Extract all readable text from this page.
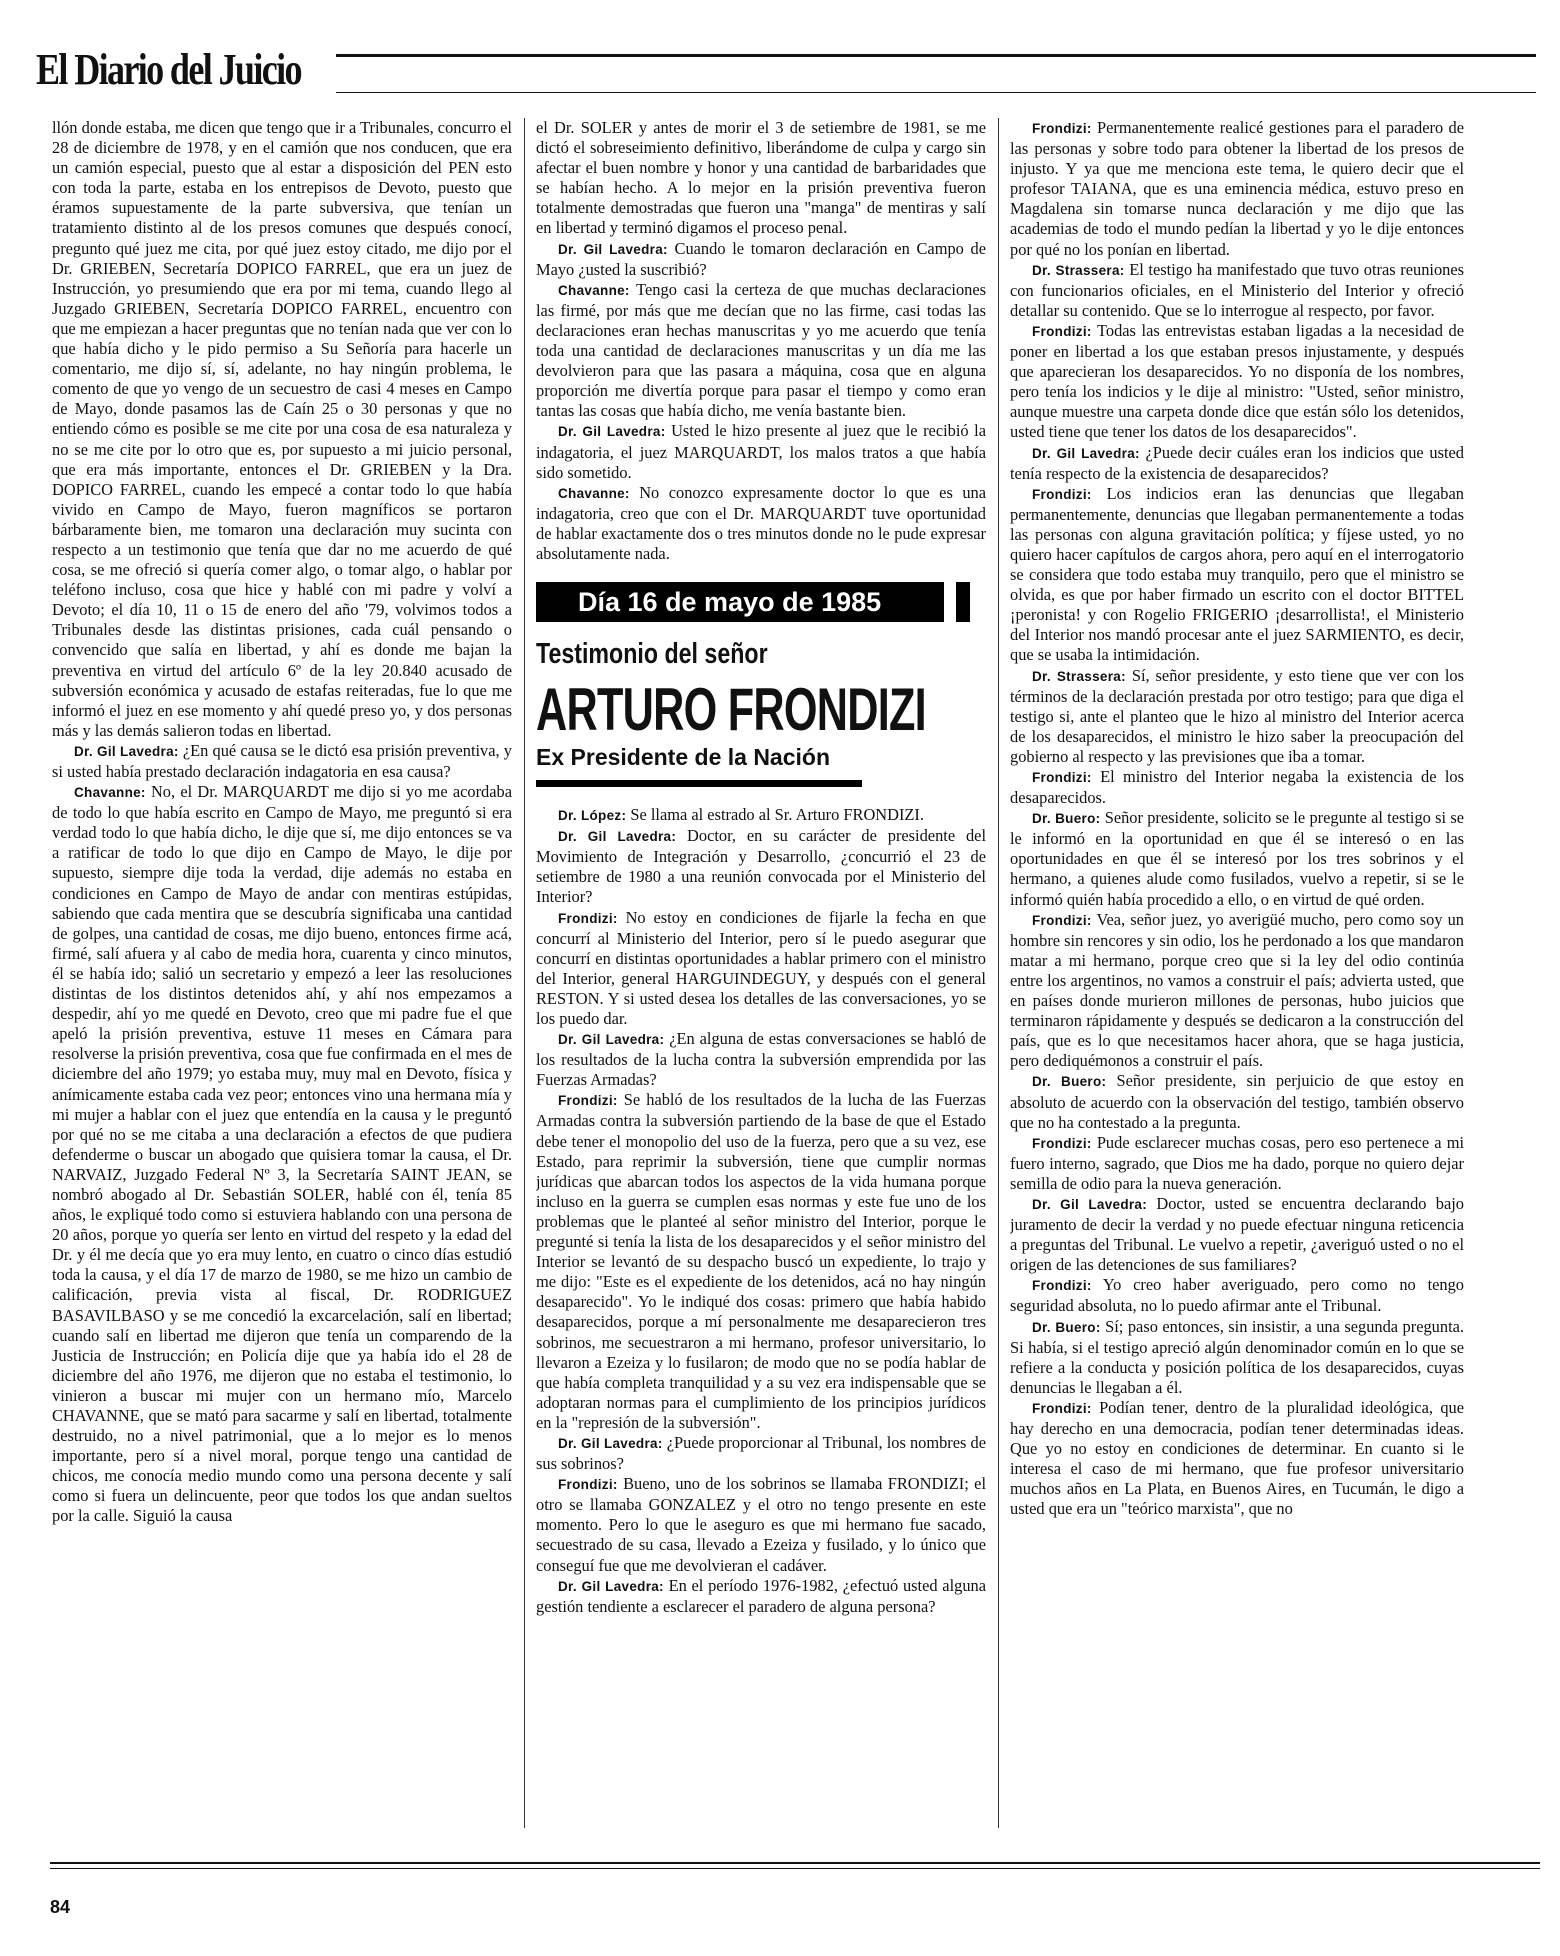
El Diario del Juicio

llón donde estaba, me dicen que tengo que ir a Tribunales, concurro el 28 de diciembre de 1978, y en el camión que nos conducen, que era un camión especial, puesto que al estar a disposición del PEN esto con toda la parte, estaba en los entrepisos de Devoto, puesto que éramos supuestamente de la parte subversiva, que tenían un tratamiento distinto al de los presos comunes que después conocí, pregunto qué juez me cita, por qué juez estoy citado, me dijo por el Dr. GRIEBEN, Secretaría DOPICO FARREL, que era un juez de Instrucción, yo presumiendo que era por mi tema, cuando llego al Juzgado GRIEBEN, Secretaría DOPICO FARREL, encuentro con que me empiezan a hacer preguntas que no tenían nada que ver con lo que había dicho y le pido permiso a Su Señoría para hacerle un comentario, me dijo sí, sí, adelante, no hay ningún problema, le comento de que yo vengo de un secuestro de casi 4 meses en Campo de Mayo, donde pasamos las de Caín 25 o 30 personas y que no entiendo cómo es posible se me cite por una cosa de esa naturaleza y no se me cite por lo otro que es, por supuesto a mi juicio personal, que era más importante, entonces el Dr. GRIEBEN y la Dra. DOPICO FARREL, cuando les empecé a contar todo lo que había vivido en Campo de Mayo, fueron magníficos se portaron bárbaramente bien, me tomaron una declaración muy sucinta con respecto a un testimonio que tenía que dar no me acuerdo de qué cosa, se me ofreció si quería comer algo, o tomar algo, o hablar por teléfono incluso, cosa que hice y hablé con mi padre y volví a Devoto; el día 10, 11 o 15 de enero del año '79, volvimos todos a Tribunales desde las distintas prisiones, cada cuál pensando o convencido que salía en libertad, y ahí es donde me bajan la preventiva en virtud del artículo 6º de la ley 20.840 acusado de subversión económica y acusado de estafas reiteradas, fue lo que me informó el juez en ese momento y ahí quedé preso yo, y dos personas más y las demás salieron todas en libertad.

Dr. Gil Lavedra: ¿En qué causa se le dictó esa prisión preventiva, y si usted había prestado declaración indagatoria en esa causa?

Chavanne: No, el Dr. MARQUARDT me dijo si yo me acordaba de todo lo que había escrito en Campo de Mayo, me preguntó si era verdad todo lo que había dicho, le dije que sí, me dijo entonces se va a ratificar de todo lo que dijo en Campo de Mayo, le dije por supuesto, siempre dije toda la verdad, dije además no estaba en condiciones en Campo de Mayo de andar con mentiras estúpidas, sabiendo que cada mentira que se descubría significaba una cantidad de golpes, una cantidad de cosas, me dijo bueno, entonces firme acá, firmé, salí afuera y al cabo de media hora, cuarenta y cinco minutos, él se había ido; salió un secretario y empezó a leer las resoluciones distintas de los distintos detenidos ahí, y ahí nos empezamos a despedir, ahí yo me quedé en Devoto, creo que mi padre fue el que apeló la prisión preventiva, estuve 11 meses en Cámara para resolverse la prisión preventiva, cosa que fue confirmada en el mes de diciembre del año 1979; yo estaba muy, muy mal en Devoto, física y anímicamente estaba cada vez peor; entonces vino una hermana mía y mi mujer a hablar con el juez que entendía en la causa y le preguntó por qué no se me citaba a una declaración a efectos de que pudiera defenderme o buscar un abogado que quisiera tomar la causa, el Dr. NARVAIZ, Juzgado Federal Nº 3, la Secretaría SAINT JEAN, se nombró abogado al Dr. Sebastián SOLER, hablé con él, tenía 85 años, le expliqué todo como si estuviera hablando con una persona de 20 años, porque yo quería ser lento en virtud del respeto y la edad del Dr. y él me decía que yo era muy lento, en cuatro o cinco días estudió toda la causa, y el día 17 de marzo de 1980, se me hizo un cambio de calificación, previa vista al fiscal, Dr. RODRIGUEZ BASAVILBASO y se me concedió la excarcelación, salí en libertad; cuando salí en libertad me dijeron que tenía un comparendo de la Justicia de Instrucción; en Policía dije que ya había ido el 28 de diciembre del año 1976, me dijeron que no estaba el testimonio, lo vinieron a buscar mi mujer con un hermano mío, Marcelo CHAVANNE, que se mató para sacarme y salí en libertad, totalmente destruido, no a nivel patrimonial, que a lo mejor es lo menos importante, pero sí a nivel moral, porque tengo una cantidad de chicos, me conocía medio mundo como una persona decente y salí como si fuera un delincuente, peor que todos los que andan sueltos por la calle. Siguió la causa

el Dr. SOLER y antes de morir el 3 de setiembre de 1981, se me dictó el sobreseimiento definitivo, liberándome de culpa y cargo sin afectar el buen nombre y honor y una cantidad de barbaridades que se habían hecho. A lo mejor en la prisión preventiva fueron totalmente demostradas que fueron una "manga" de mentiras y salí en libertad y terminó digamos el proceso penal.

Dr. Gil Lavedra: Cuando le tomaron declaración en Campo de Mayo ¿usted la suscribió?

Chavanne: Tengo casi la certeza de que muchas declaraciones las firmé, por más que me decían que no las firme, casi todas las declaraciones eran hechas manuscritas y yo me acuerdo que tenía toda una cantidad de declaraciones manuscritas y un día me las devolvieron para que las pasara a máquina, cosa que en alguna proporción me divertía porque para pasar el tiempo y como eran tantas las cosas que había dicho, me venía bastante bien.

Dr. Gil Lavedra: Usted le hizo presente al juez que le recibió la indagatoria, el juez MARQUARDT, los malos tratos a que había sido sometido.

Chavanne: No conozco expresamente doctor lo que es una indagatoria, creo que con el Dr. MARQUARDT tuve oportunidad de hablar exactamente dos o tres minutos donde no le pude expresar absolutamente nada.

Día 16 de mayo de 1985
Testimonio del señor
ARTURO FRONDIZI
Ex Presidente de la Nación

Dr. López: Se llama al estrado al Sr. Arturo FRONDIZI.

Dr. Gil Lavedra: Doctor, en su carácter de presidente del Movimiento de Integración y Desarrollo, ¿concurrió el 23 de setiembre de 1980 a una reunión convocada por el Ministerio del Interior?

Frondizi: No estoy en condiciones de fijarle la fecha en que concurrí al Ministerio del Interior, pero sí le puedo asegurar que concurrí en distintas oportunidades a hablar primero con el ministro del Interior, general HARGUINDEGUY, y después con el general RESTON. Y si usted desea los detalles de las conversaciones, yo se los puedo dar.

Dr. Gil Lavedra: ¿En alguna de estas conversaciones se habló de los resultados de la lucha contra la subversión emprendida por las Fuerzas Armadas?

Frondizi: Se habló de los resultados de la lucha de las Fuerzas Armadas contra la subversión partiendo de la base de que el Estado debe tener el monopolio del uso de la fuerza, pero que a su vez, ese Estado, para reprimir la subversión, tiene que cumplir normas jurídicas que abarcan todos los aspectos de la vida humana porque incluso en la guerra se cumplen esas normas y este fue uno de los problemas que le planteé al señor ministro del Interior, porque le pregunté si tenía la lista de los desaparecidos y el señor ministro del Interior se levantó de su despacho buscó un expediente, lo trajo y me dijo: "Este es el expediente de los detenidos, acá no hay ningún desaparecido". Yo le indiqué dos cosas: primero que había habido desaparecidos, porque a mí personalmente me desaparecieron tres sobrinos, me secuestraron a mi hermano, profesor universitario, lo llevaron a Ezeiza y lo fusilaron; de modo que no se podía hablar de que había completa tranquilidad y a su vez era indispensable que se adoptaran normas para el cumplimiento de los principios jurídicos en la "represión de la subversión".

Dr. Gil Lavedra: ¿Puede proporcionar al Tribunal, los nombres de sus sobrinos?

Frondizi: Bueno, uno de los sobrinos se llamaba FRONDIZI; el otro se llamaba GONZALEZ y el otro no tengo presente en este momento. Pero lo que le aseguro es que mi hermano fue sacado, secuestrado de su casa, llevado a Ezeiza y fusilado, y lo único que conseguí fue que me devolvieran el cadáver.

Dr. Gil Lavedra: En el período 1976-1982, ¿efectuó usted alguna gestión tendiente a esclarecer el paradero de alguna persona?

Frondizi: Permanentemente realicé gestiones para el paradero de las personas y sobre todo para obtener la libertad de los presos de injusto. Y ya que me menciona este tema, le quiero decir que el profesor TAIANA, que es una eminencia médica, estuvo preso en Magdalena sin tomarse nunca declaración y me dijo que las academias de todo el mundo pedían la libertad y yo le dije entonces por qué no los ponían en libertad.

Dr. Strassera: El testigo ha manifestado que tuvo otras reuniones con funcionarios oficiales, en el Ministerio del Interior y ofreció detallar su contenido. Que se lo interrogue al respecto, por favor.

Frondizi: Todas las entrevistas estaban ligadas a la necesidad de poner en libertad a los que estaban presos injustamente, y después que aparecieran los desaparecidos. Yo no disponía de los nombres, pero tenía los indicios y le dije al ministro: "Usted, señor ministro, aunque muestre una carpeta donde dice que están sólo los detenidos, usted tiene que tener los datos de los desaparecidos".

Dr. Gil Lavedra: ¿Puede decir cuáles eran los indicios que usted tenía respecto de la existencia de desaparecidos?

Frondizi: Los indicios eran las denuncias que llegaban permanentemente, denuncias que llegaban permanentemente a todas las personas con alguna gravitación política; y fíjese usted, yo no quiero hacer capítulos de cargos ahora, pero aquí en el interrogatorio se considera que todo estaba muy tranquilo, pero que el ministro se olvida, es que por haber firmado un escrito con el doctor BITTEL ¡peronista! y con Rogelio FRIGERIO ¡desarrollista!, el Ministerio del Interior nos mandó procesar ante el juez SARMIENTO, es decir, que se usaba la intimidación.

Dr. Strassera: Sí, señor presidente, y esto tiene que ver con los términos de la declaración prestada por otro testigo; para que diga el testigo si, ante el planteo que le hizo al ministro del Interior acerca de los desaparecidos, el ministro le hizo saber la preocupación del gobierno al respecto y las previsiones que iba a tomar.

Frondizi: El ministro del Interior negaba la existencia de los desaparecidos.

Dr. Buero: Señor presidente, solicito se le pregunte al testigo si se le informó en la oportunidad en que él se interesó o en las oportunidades en que él se interesó por los tres sobrinos y el hermano, a quienes alude como fusilados, vuelvo a repetir, si se le informó quién había procedido a ello, o en virtud de qué orden.

Frondizi: Vea, señor juez, yo averigüé mucho, pero como soy un hombre sin rencores y sin odio, los he perdonado a los que mandaron matar a mi hermano, porque creo que si la ley del odio continúa entre los argentinos, no vamos a construir el país; advierta usted, que en países donde murieron millones de personas, hubo juicios que terminaron rápidamente y después se dedicaron a la construcción del país, que es lo que necesitamos hacer ahora, que se haga justicia, pero dediquémonos a construir el país.

Dr. Buero: Señor presidente, sin perjuicio de que estoy en absoluto de acuerdo con la observación del testigo, también observo que no ha contestado a la pregunta.

Frondizi: Pude esclarecer muchas cosas, pero eso pertenece a mi fuero interno, sagrado, que Dios me ha dado, porque no quiero dejar semilla de odio para la nueva generación.

Dr. Gil Lavedra: Doctor, usted se encuentra declarando bajo juramento de decir la verdad y no puede efectuar ninguna reticencia a preguntas del Tribunal. Le vuelvo a repetir, ¿averiguó usted o no el origen de las detenciones de sus familiares?

Frondizi: Yo creo haber averiguado, pero como no tengo seguridad absoluta, no lo puedo afirmar ante el Tribunal.

Dr. Buero: Sí; paso entonces, sin insistir, a una segunda pregunta. Si había, si el testigo apreció algún denominador común en lo que se refiere a la conducta y posición política de los desaparecidos, cuyas denuncias le llegaban a él.

Frondizi: Podían tener, dentro de la pluralidad ideológica, que hay derecho en una democracia, podían tener determinadas ideas. Que yo no estoy en condiciones de determinar. En cuanto si le interesa el caso de mi hermano, que fue profesor universitario muchos años en La Plata, en Buenos Aires, en Tucumán, le digo a usted que era un "teórico marxista", que no

84
